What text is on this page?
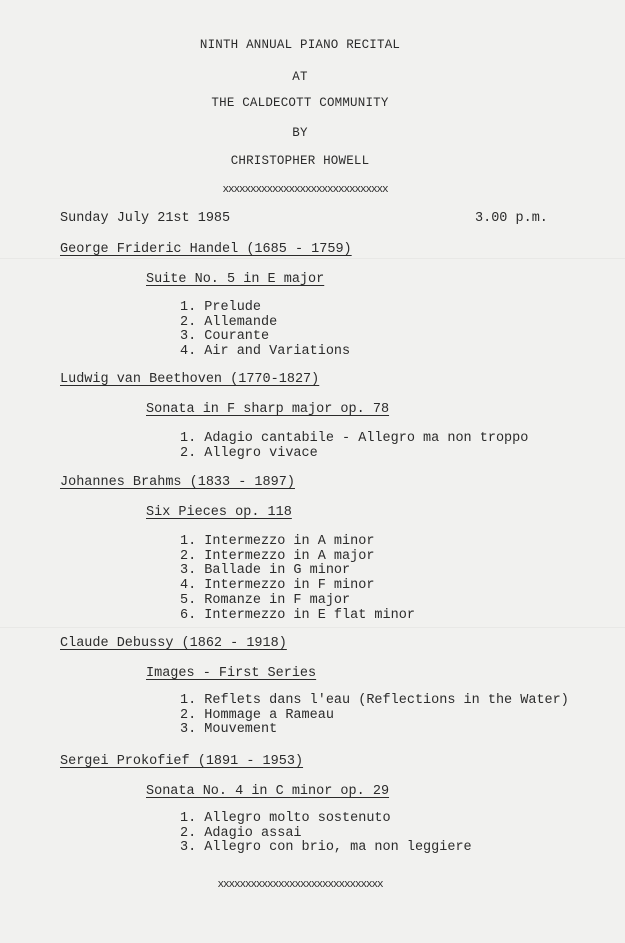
NINTH ANNUAL PIANO RECITAL
AT
THE CALDECOTT COMMUNITY
BY
CHRISTOPHER HOWELL
xxxxxxxxxxxxxxxxxxxxxxxxxxxxxx
Sunday July 21st 1985	3.00 p.m.
George Frideric Handel (1685 - 1759)
Suite No. 5 in E major
1. Prelude
2. Allemande
3. Courante
4. Air and Variations
Ludwig van Beethoven (1770-1827)
Sonata in F sharp major op. 78
1. Adagio cantabile - Allegro ma non troppo
2. Allegro vivace
Johannes Brahms (1833 - 1897)
Six Pieces op. 118
1. Intermezzo in A minor
2. Intermezzo in A major
3. Ballade in G minor
4. Intermezzo in F minor
5. Romanze in F major
6. Intermezzo in E flat minor
Claude Debussy (1862 - 1918)
Images - First Series
1. Reflets dans l'eau (Reflections in the Water)
2. Hommage a Rameau
3. Mouvement
Sergei Prokofief (1891 - 1953)
Sonata No. 4 in C minor op. 29
1. Allegro molto sostenuto
2. Adagio assai
3. Allegro con brio, ma non leggiere
xxxxxxxxxxxxxxxxxxxxxxxxxxxxxx
